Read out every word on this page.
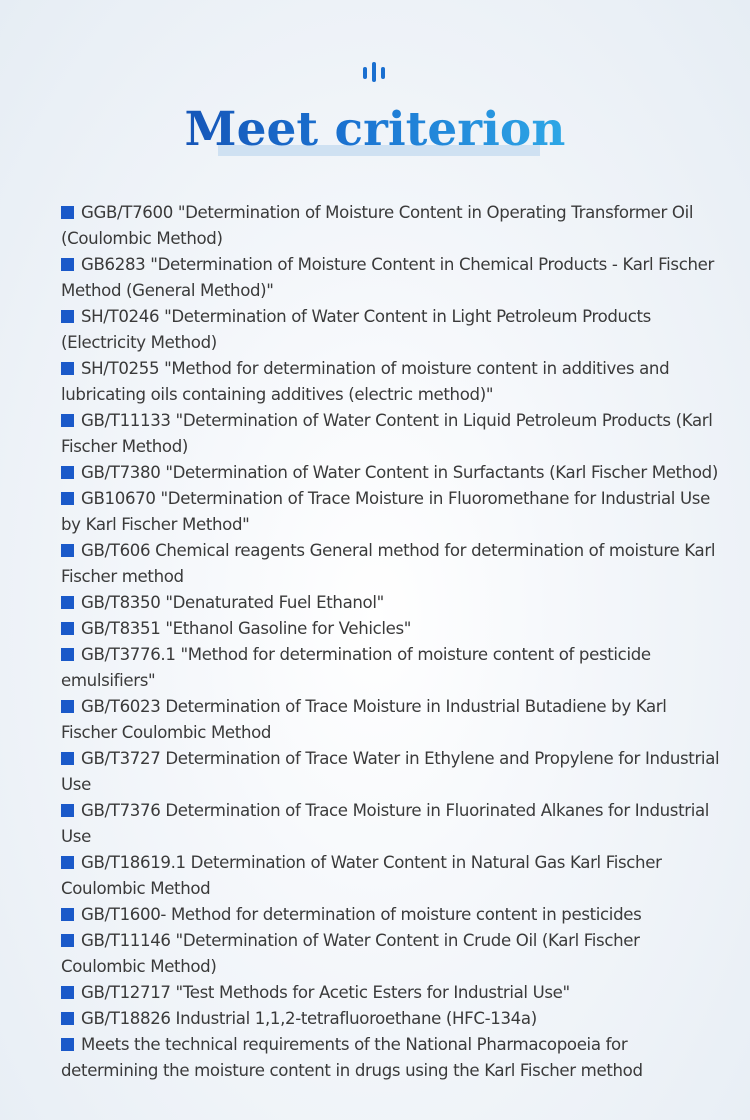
Meet criterion

GGB/T7600 "Determination of Moisture Content in Operating Transformer Oil (Coulombic Method)

GB6283 "Determination of Moisture Content in Chemical Products - Karl Fischer Method (General Method)"

SH/T0246 "Determination of Water Content in Light Petroleum Products (Electricity Method)

SH/T0255 "Method for determination of moisture content in additives and lubricating oils containing additives (electric method)"

GB/T11133 "Determination of Water Content in Liquid Petroleum Products (Karl Fischer Method)

GB/T7380 "Determination of Water Content in Surfactants (Karl Fischer Method)

GB10670 "Determination of Trace Moisture in Fluoromethane for Industrial Use by Karl Fischer Method"

GB/T606 Chemical reagents General method for determination of moisture Karl Fischer method

GB/T8350 "Denaturated Fuel Ethanol"

GB/T8351 "Ethanol Gasoline for Vehicles"

GB/T3776.1 "Method for determination of moisture content of pesticide emulsifiers"

GB/T6023 Determination of Trace Moisture in Industrial Butadiene by Karl Fischer Coulombic Method

GB/T3727 Determination of Trace Water in Ethylene and Propylene for Industrial Use

GB/T7376 Determination of Trace Moisture in Fluorinated Alkanes for Industrial Use

GB/T18619.1 Determination of Water Content in Natural Gas Karl Fischer Coulombic Method

GB/T1600- Method for determination of moisture content in pesticides

GB/T11146 "Determination of Water Content in Crude Oil (Karl Fischer Coulombic Method)

GB/T12717 "Test Methods for Acetic Esters for Industrial Use"

GB/T18826 Industrial 1,1,2-tetrafluoroethane (HFC-134a)

Meets the technical requirements of the National Pharmacopoeia for determining the moisture content in drugs using the Karl Fischer method
